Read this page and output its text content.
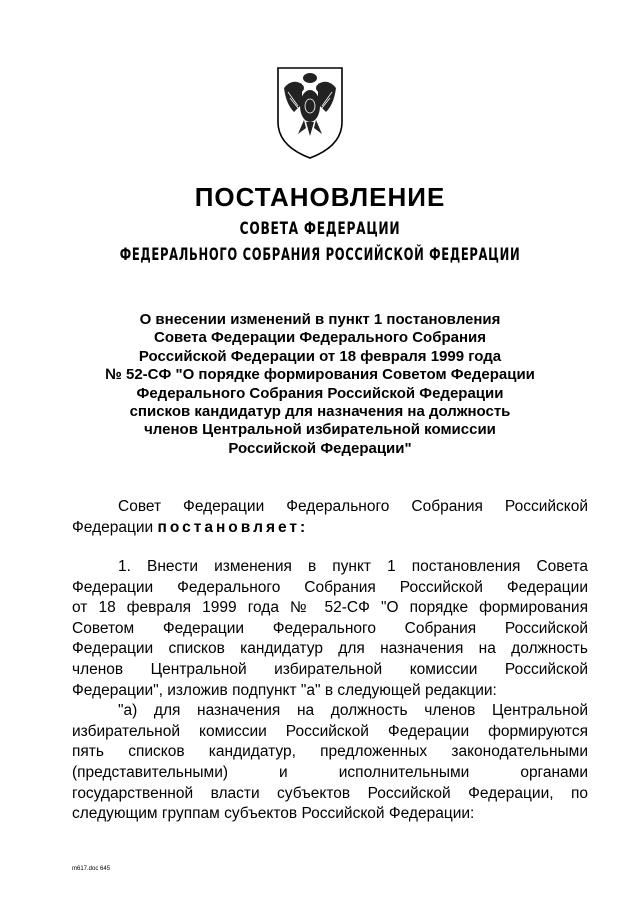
ПОСТАНОВЛЕНИЕ
СОВЕТА ФЕДЕРАЦИИ
ФЕДЕРАЛЬНОГО СОБРАНИЯ РОССИЙСКОЙ ФЕДЕРАЦИИ
О внесении изменений в пункт 1 постановления
Совета Федерации Федерального Собрания
Российской Федерации от 18 февраля 1999 года
№ 52-СФ "О порядке формирования Советом Федерации
Федерального Собрания Российской Федерации
списков кандидатур для назначения на должность
членов Центральной избирательной комиссии
Российской Федерации"
Совет Федерации Федерального Собрания Российской
Федерации постановляет:
1. Внести изменения в пункт 1 постановления Совета
Федерации Федерального Собрания Российской Федерации
от 18 февраля 1999 года № 52-СФ "О порядке формирования
Советом Федерации Федерального Собрания Российской
Федерации списков кандидатур для назначения на должность
членов Центральной избирательной комиссии Российской
Федерации", изложив подпункт "а" в следующей редакции:
"а) для назначения на должность членов Центральной
избирательной комиссии Российской Федерации формируются
пять списков кандидатур, предложенных законодательными
(представительными) и исполнительными органами
государственной власти субъектов Российской Федерации, по
следующим группам субъектов Российской Федерации:
m617.doc 645
